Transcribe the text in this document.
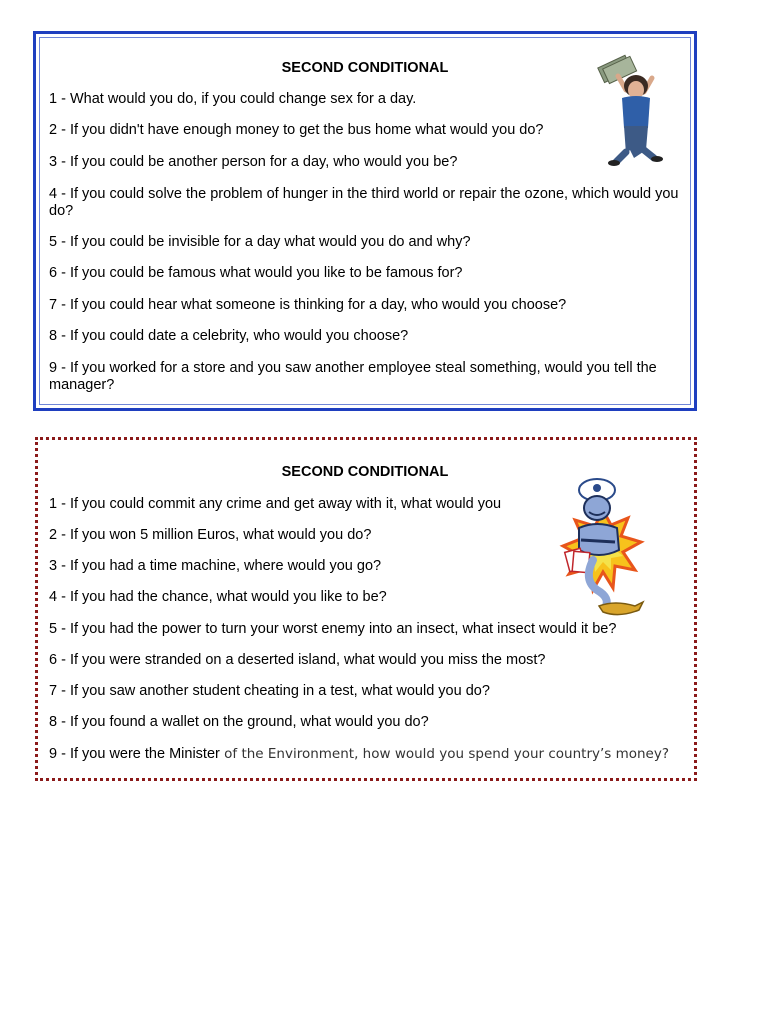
SECOND CONDITIONAL
1 - What would you do, if you could change sex for a day.
2 - If you didn't have enough money to get the bus home what would you do?
3 - If you could be another person for a day, who would you be?
4 - If you could solve the problem of hunger in the third world or repair the ozone, which would you do?
5 - If you could be invisible for a day what would you do and why?
6 - If you could be famous what would you like to be famous for?
7 - If you could hear what someone is thinking for a day, who would you choose?
8 - If you could date a celebrity, who would you choose?
9 - If you worked for a store and you saw another employee steal something, would you tell the manager?
SECOND CONDITIONAL
1 - If you could commit any crime and get away with it, what would you
2 - If you won 5 million Euros, what would you do?
3 - If you had a time machine, where would you go?
4 - If you had the chance, what would you like to be?
5 - If you had the power to turn your worst enemy into an insect, what insect would it be?
6 - If you were stranded on a deserted island, what would you miss the most?
7 - If you saw another student cheating in a test, what would you do?
8 - If you found a wallet on the ground, what would you do?
9 - If you were the Minister of the Environment, how would you spend your country’s money?
